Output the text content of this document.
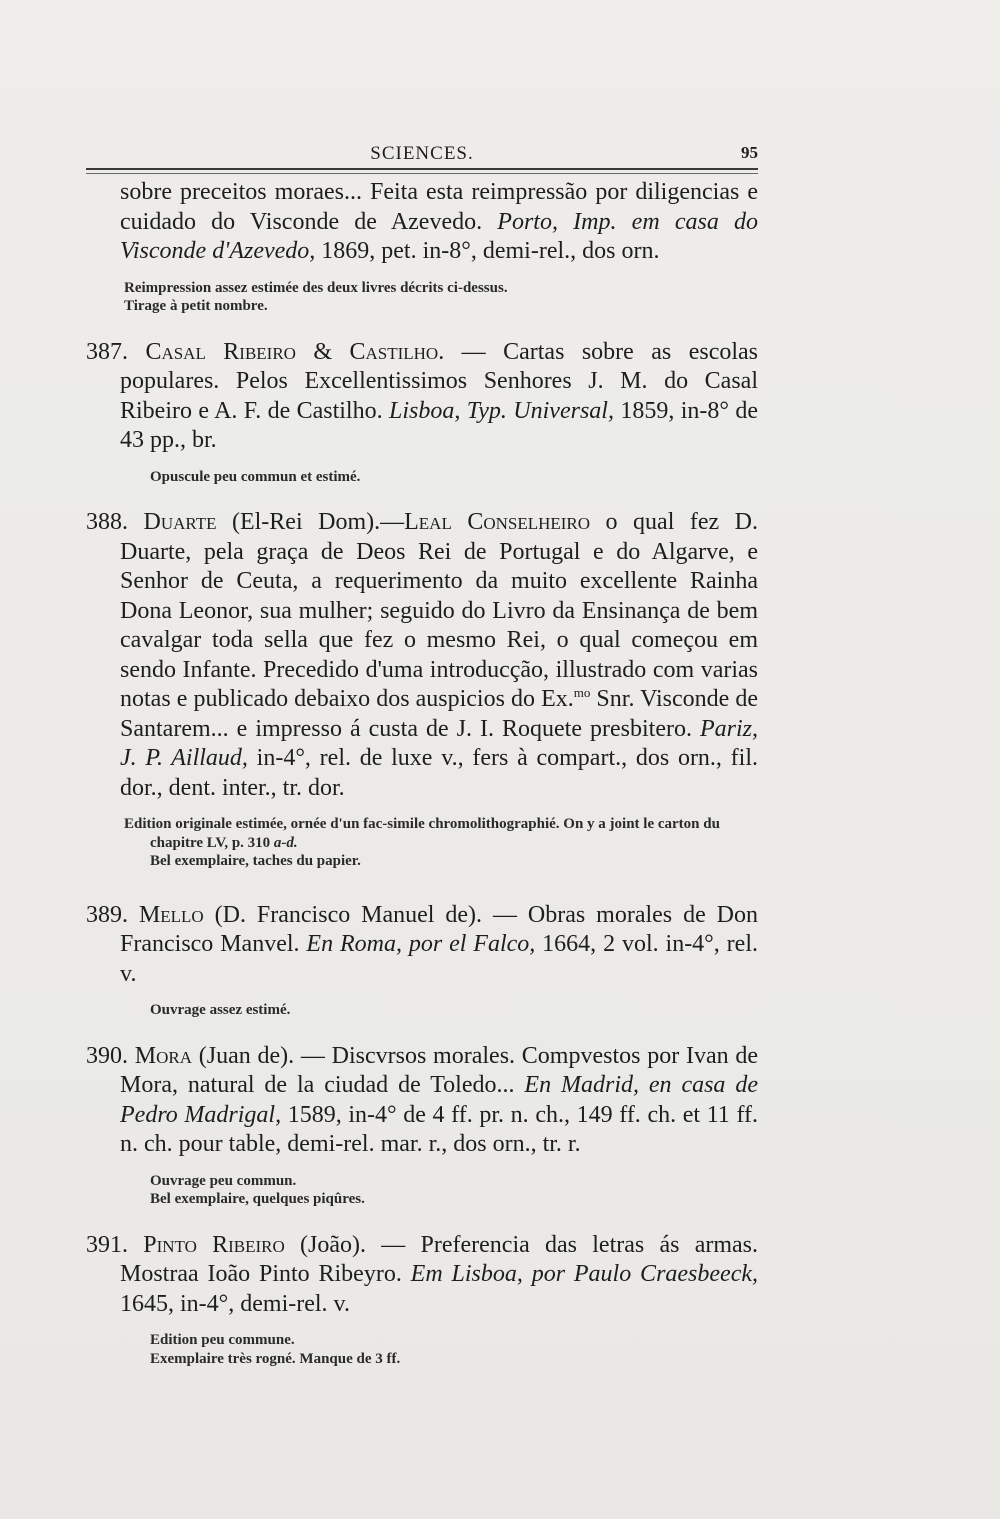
SCIENCES.	95

sobre preceitos moraes... Feita esta reimpressão por diligencias e cuidado do Visconde de Azevedo. Porto, Imp. em casa do Visconde d'Azevedo, 1869, pet. in-8°, demi-rel., dos orn.

Reimpression assez estimée des deux livres décrits ci-dessus.
Tirage à petit nombre.

387. Casal Ribeiro & Castilho. — Cartas sobre as escolas populares. Pelos Excellentissimos Senhores J. M. do Casal Ribeiro e A. F. de Castilho. Lisboa, Typ. Universal, 1859, in-8° de 43 pp., br.

Opuscule peu commun et estimé.

388. Duarte (El-Rei Dom).—Leal Conselheiro o qual fez D. Duarte, pela graça de Deos Rei de Portugal e do Algarve, e Senhor de Ceuta, a requerimento da muito excellente Rainha Dona Leonor, sua mulher; seguido do Livro da Ensinança de bem cavalgar toda sella que fez o mesmo Rei, o qual começou em sendo Infante. Precedido d'uma introducção, illustrado com varias notas e publicado debaixo dos auspicios do Ex.$^{mo}$ Snr. Visconde de Santarem... e impresso á custa de J. I. Roquete presbitero. Pariz, J. P. Aillaud, in-4°, rel. de luxe v., fers à compart., dos orn., fil. dor., dent. inter., tr. dor.

Edition originale estimée, ornée d'un fac-simile chromolithographié. On y a joint le carton du chapitre LV, p. 310 a-d.
Bel exemplaire, taches du papier.

389. Mello (D. Francisco Manuel de). — Obras morales de Don Francisco Manvel. En Roma, por el Falco, 1664, 2 vol. in-4°, rel. v.

Ouvrage assez estimé.

390. Mora (Juan de). — Discvrsos morales. Compvestos por Ivan de Mora, natural de la ciudad de Toledo... En Madrid, en casa de Pedro Madrigal, 1589, in-4° de 4 ff. pr. n. ch., 149 ff. ch. et 11 ff. n. ch. pour table, demi-rel. mar. r., dos orn., tr. r.

Ouvrage peu commun.
Bel exemplaire, quelques piqûres.

391. Pinto Ribeiro (João). — Preferencia das letras ás armas. Mostraa Ioão Pinto Ribeyro. Em Lisboa, por Paulo Craesbeeck, 1645, in-4°, demi-rel. v.

Edition peu commune.
Exemplaire très rogné. Manque de 3 ff.
